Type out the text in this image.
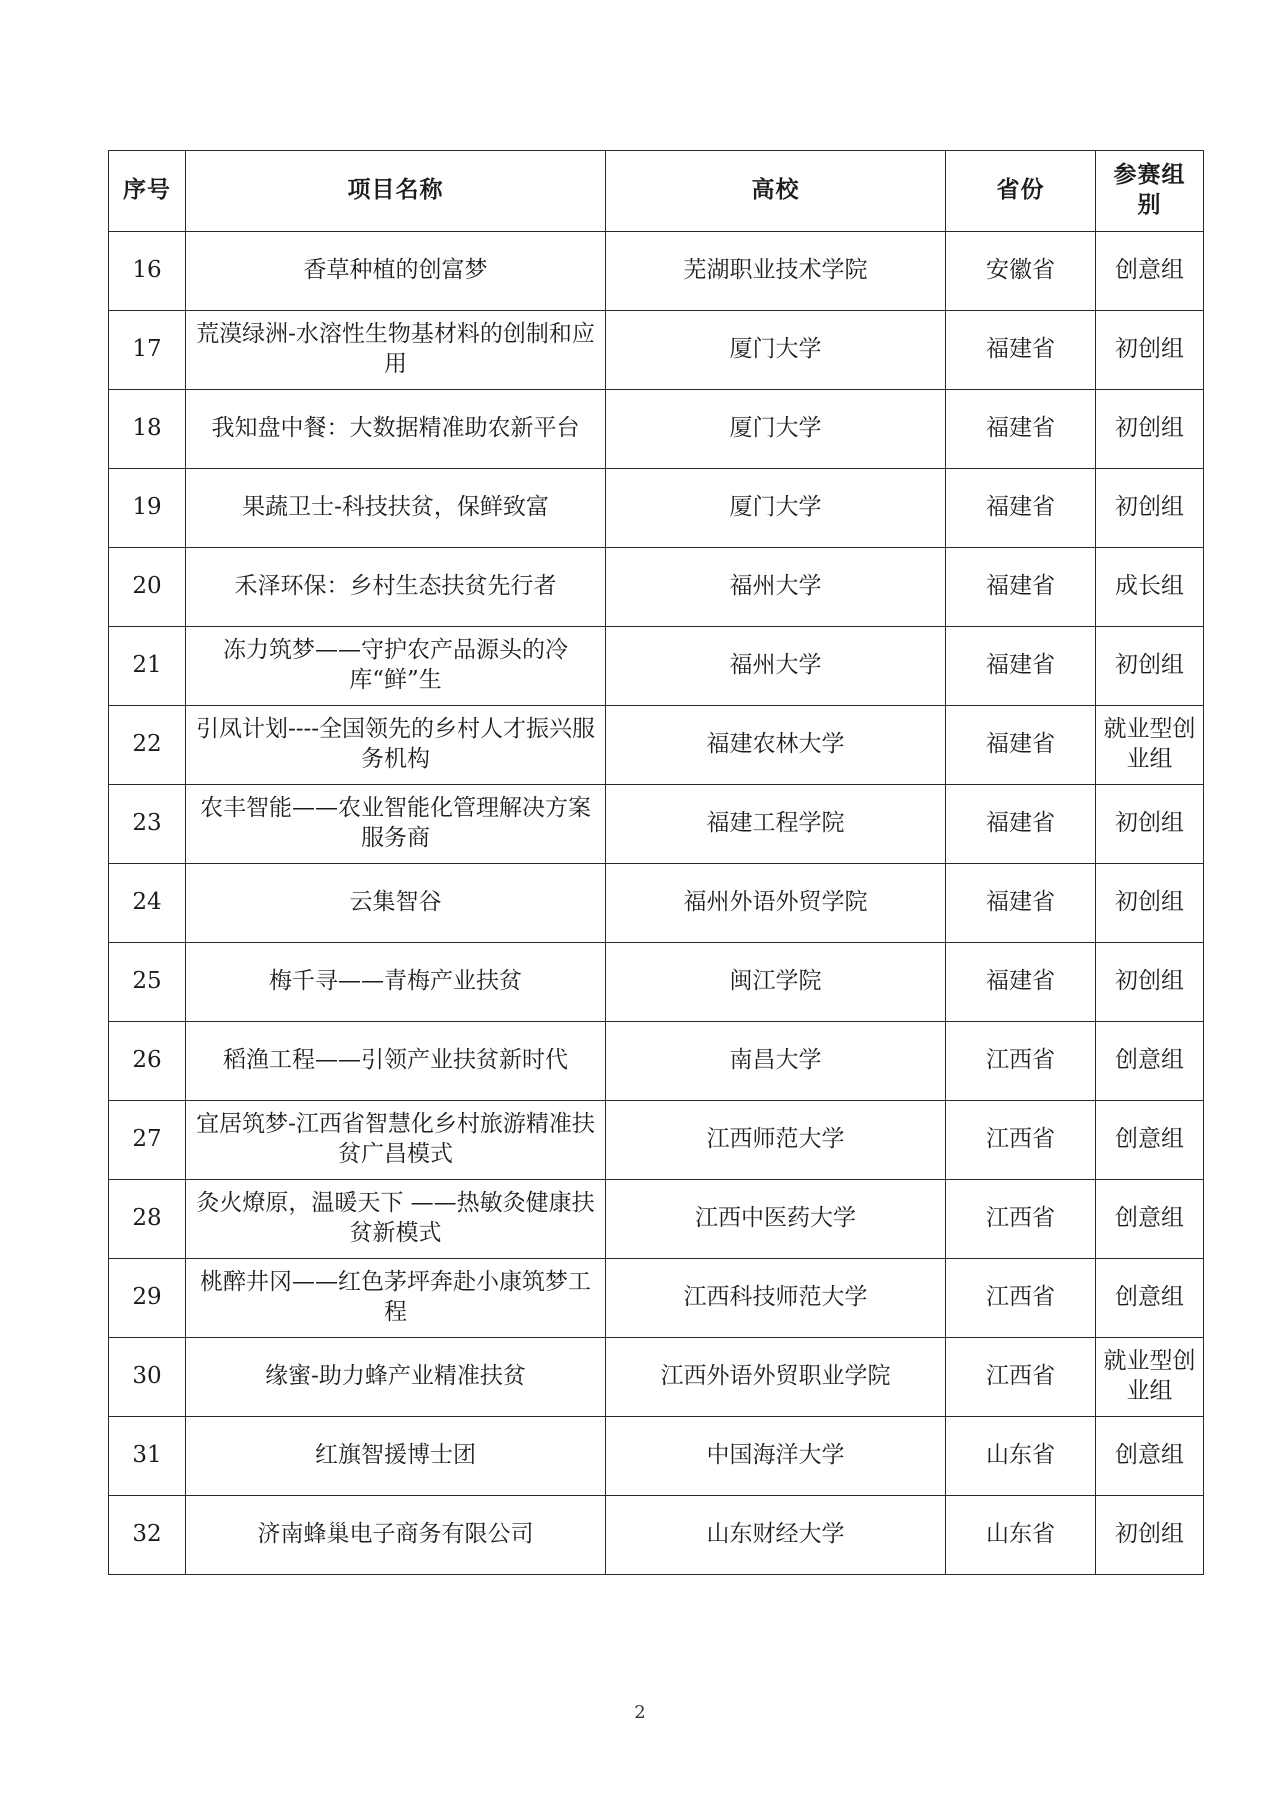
序号	项目名称	高校	省份	参赛组别
16	香草种植的创富梦	芜湖职业技术学院	安徽省	创意组
17	荒漠绿洲-水溶性生物基材料的创制和应用	厦门大学	福建省	初创组
18	我知盘中餐：大数据精准助农新平台	厦门大学	福建省	初创组
19	果蔬卫士-科技扶贫，保鲜致富	厦门大学	福建省	初创组
20	禾泽环保：乡村生态扶贫先行者	福州大学	福建省	成长组
21	冻力筑梦——守护农产品源头的冷库“鲜”生	福州大学	福建省	初创组
22	引凤计划----全国领先的乡村人才振兴服务机构	福建农林大学	福建省	就业型创业组
23	农丰智能——农业智能化管理解决方案服务商	福建工程学院	福建省	初创组
24	云集智谷	福州外语外贸学院	福建省	初创组
25	梅千寻——青梅产业扶贫	闽江学院	福建省	初创组
26	稻渔工程——引领产业扶贫新时代	南昌大学	江西省	创意组
27	宜居筑梦-江西省智慧化乡村旅游精准扶贫广昌模式	江西师范大学	江西省	创意组
28	灸火燎原，温暖天下 ——热敏灸健康扶贫新模式	江西中医药大学	江西省	创意组
29	桃醉井冈——红色茅坪奔赴小康筑梦工程	江西科技师范大学	江西省	创意组
30	缘蜜-助力蜂产业精准扶贫	江西外语外贸职业学院	江西省	就业型创业组
31	红旗智援博士团	中国海洋大学	山东省	创意组
32	济南蜂巢电子商务有限公司	山东财经大学	山东省	初创组
2
